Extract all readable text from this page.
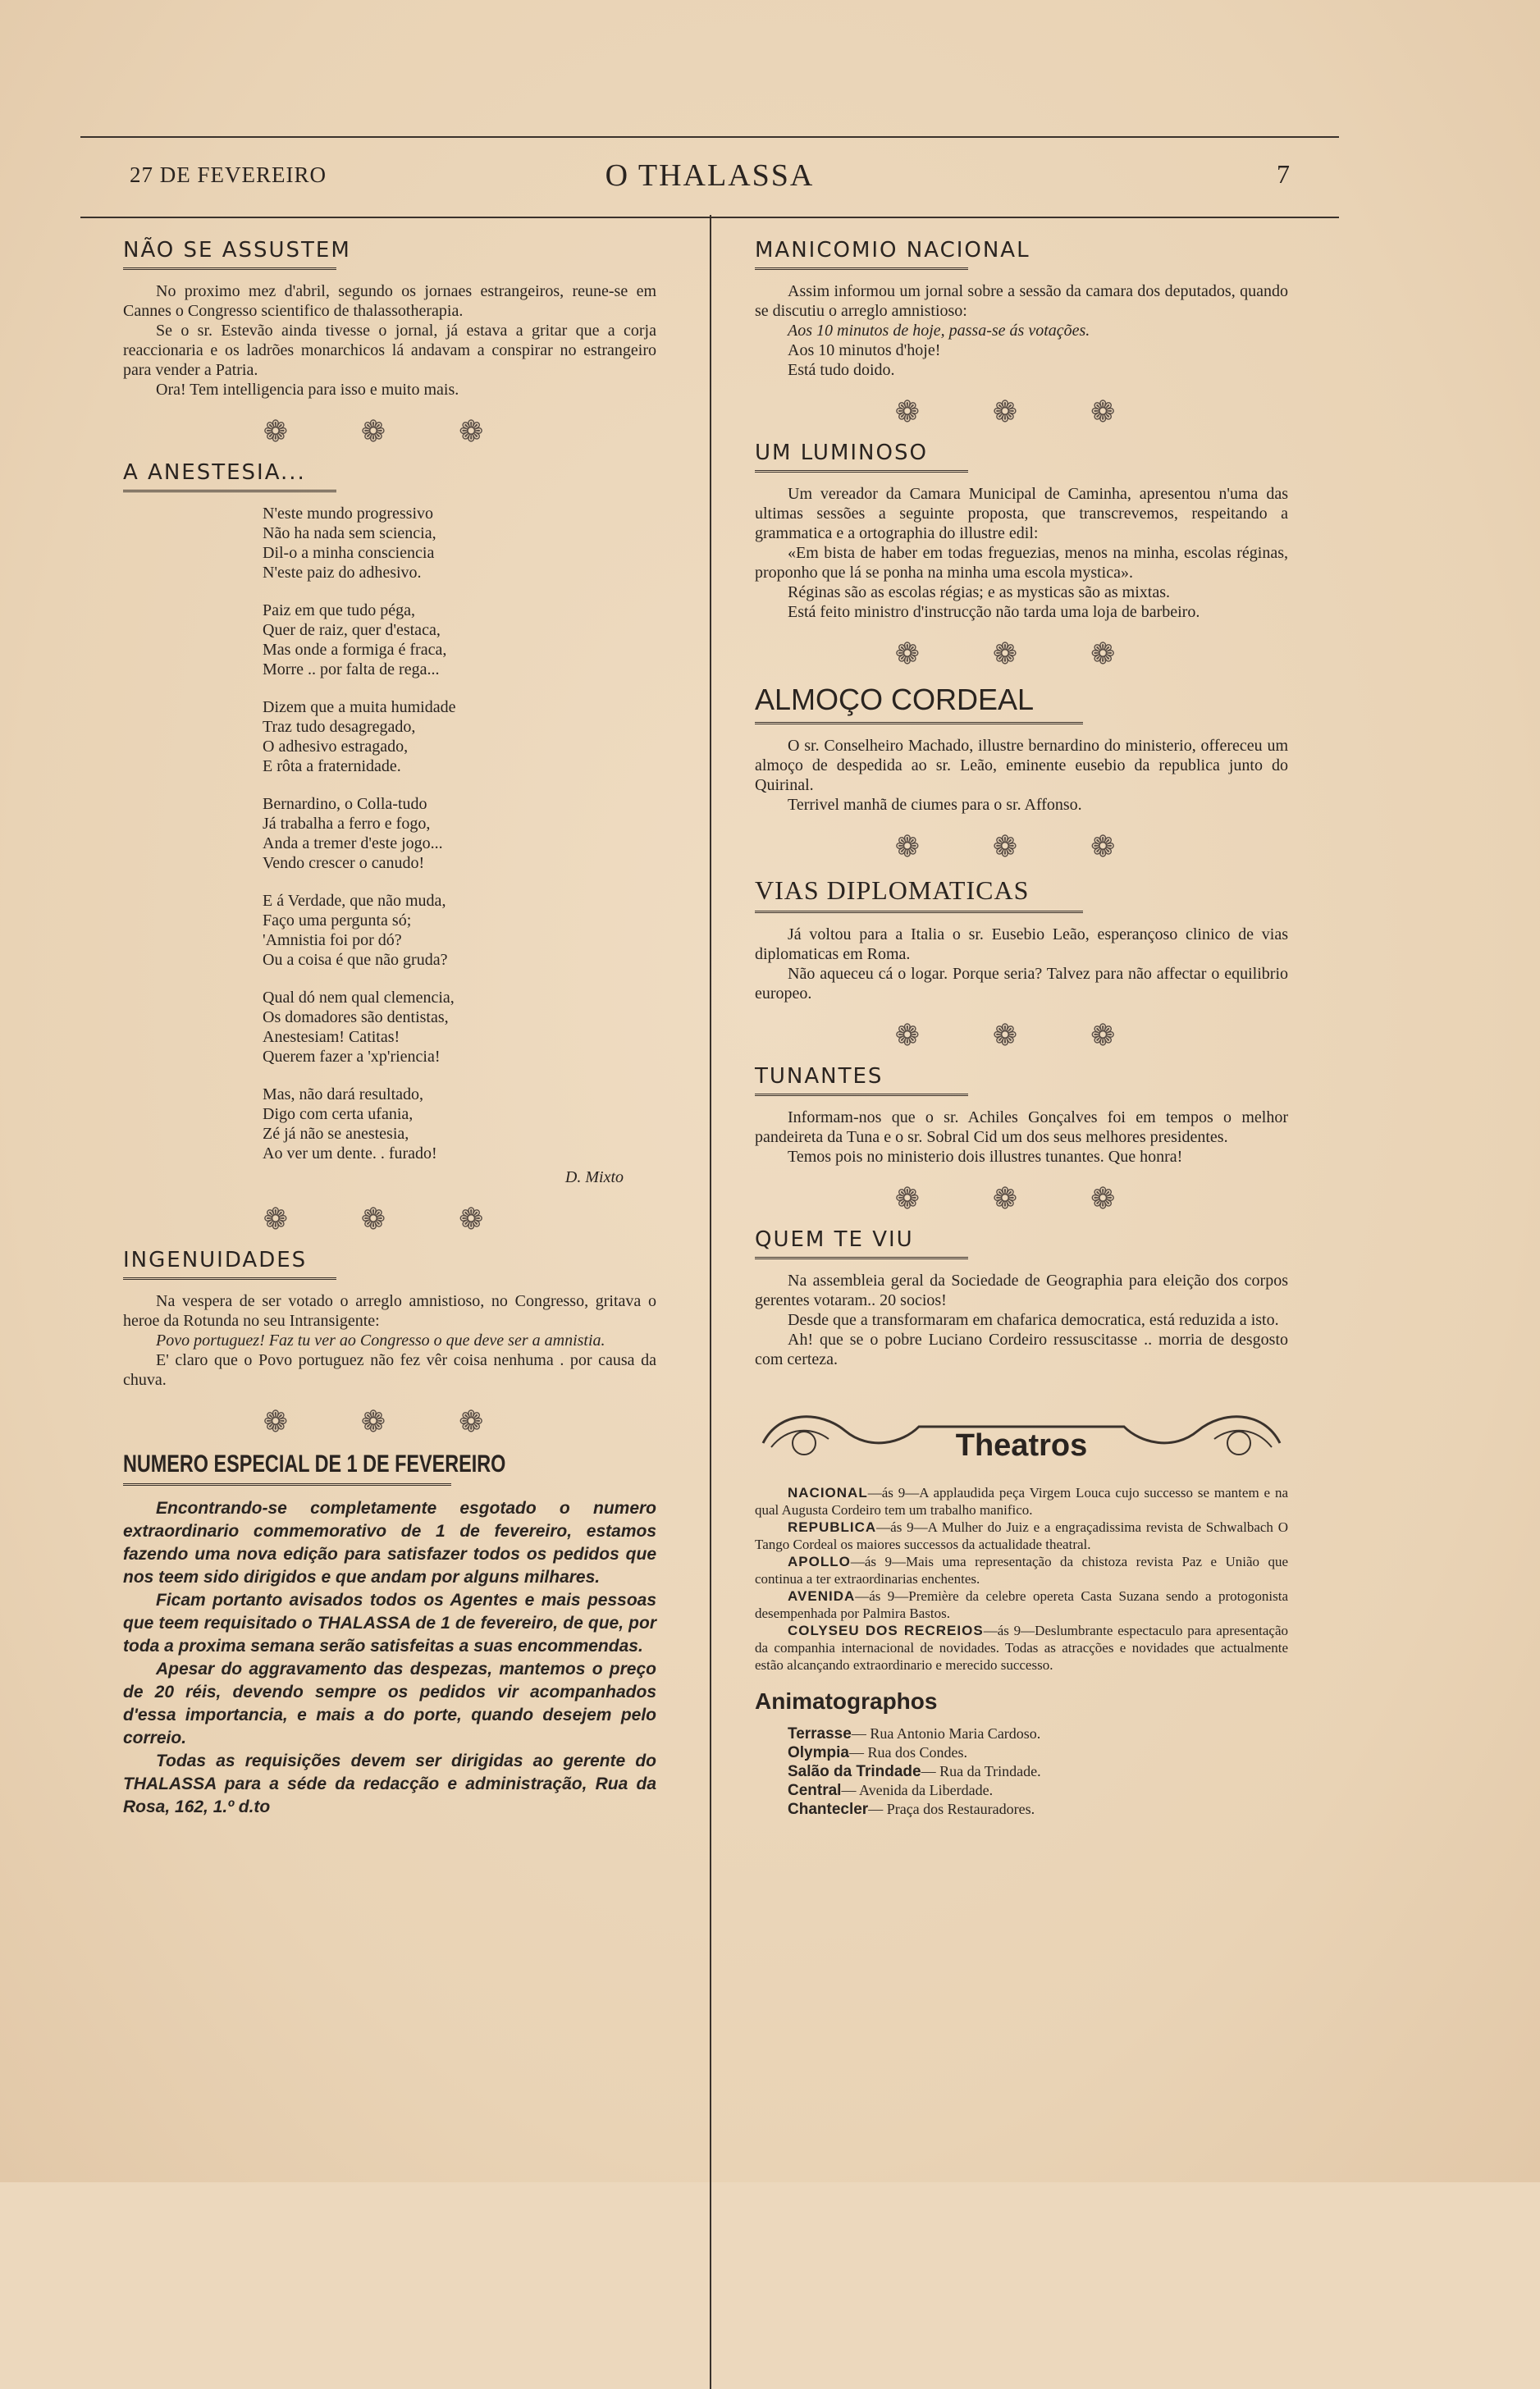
27 DE FEVEREIRO	O THALASSA	7
NÃO SE ASSUSTEM

No proximo mez d'abril, segundo os jornaes estrangeiros, reune-se em Cannes o Congresso scientifico de thalassotherapia.

Se o sr. Estevão ainda tivesse o jornal, já estava a gritar que a corja reaccionaria e os ladrões monarchicos lá andavam a conspirar no estrangeiro para vender a Patria.

Ora! Tem intelligencia para isso e muito mais.

❁ ❁ ❁
A ANESTESIA...
N'este mundo progressivo
Não ha nada sem sciencia,
Dil-o a minha consciencia
N'este paiz do adhesivo.
Paiz em que tudo péga,
Quer de raiz, quer d'estaca,
Mas onde a formiga é fraca,
Morre .. por falta de rega...
Dizem que a muita humidade
Traz tudo desagregado,
O adhesivo estragado,
E rôta a fraternidade.
Bernardino, o Colla-tudo
Já trabalha a ferro e fogo,
Anda a tremer d'este jogo...
Vendo crescer o canudo!
E á Verdade, que não muda,
Faço uma pergunta só;
'Amnistia foi por dó?
Ou a coisa é que não gruda?
Qual dó nem qual clemencia,
Os domadores são dentistas,
Anestesiam! Catitas!
Querem fazer a 'xp'riencia!
Mas, não dará resultado,
Digo com certa ufania,
Zé já não se anestesia,
Ao ver um dente. . furado!
D. Mixto
❁ ❁ ❁
INGENUIDADES

Na vespera de ser votado o arreglo amnistioso, no Congresso, gritava o heroe da Rotunda no seu Intransigente:

Povo portuguez! Faz tu ver ao Congresso o que deve ser a amnistia.

E' claro que o Povo portuguez não fez vêr coisa nenhuma . por causa da chuva.

❁ ❁ ❁
NUMERO ESPECIAL DE 1 DE FEVEREIRO

Encontrando-se completamente esgotado o numero extraordinario commemorativo de 1 de fevereiro, estamos fazendo uma nova edição para satisfazer todos os pedidos que nos teem sido dirigidos e que andam por alguns milhares.

Ficam portanto avisados todos os Agentes e mais pessoas que teem requisitado o THALASSA de 1 de fevereiro, de que, por toda a proxima semana serão satisfeitas a suas encommendas.

Apesar do aggravamento das despezas, mantemos o preço de 20 réis, devendo sempre os pedidos vir acompanhados d'essa importancia, e mais a do porte, quando desejem pelo correio.

Todas as requisições devem ser dirigidas ao gerente do THALASSA para a séde da redacção e administração, Rua da Rosa, 162, 1.º d.to

MANICOMIO NACIONAL

Assim informou um jornal sobre a sessão da camara dos deputados, quando se discutiu o arreglo amnistioso:

Aos 10 minutos de hoje, passa-se ás votações.

Aos 10 minutos d'hoje!

Está tudo doido.

❁ ❁ ❁
UM LUMINOSO

Um vereador da Camara Municipal de Caminha, apresentou n'uma das ultimas sessões a seguinte proposta, que transcrevemos, respeitando a grammatica e a ortographia do illustre edil:

«Em bista de haber em todas freguezias, menos na minha, escolas réginas, proponho que lá se ponha na minha uma escola mystica».

Réginas são as escolas régias; e as mysticas são as mixtas.

Está feito ministro d'instrucção não tarda uma loja de barbeiro.

❁ ❁ ❁
ALMOÇO CORDEAL

O sr. Conselheiro Machado, illustre bernardino do ministerio, offereceu um almoço de despedida ao sr. Leão, eminente eusebio da republica junto do Quirinal.

Terrivel manhã de ciumes para o sr. Affonso.

❁ ❁ ❁
VIAS DIPLOMATICAS

Já voltou para a Italia o sr. Eusebio Leão, esperançoso clinico de vias diplomaticas em Roma.

Não aqueceu cá o logar. Porque seria? Talvez para não affectar o equilibrio europeo.

❁ ❁ ❁
TUNANTES

Informam-nos que o sr. Achiles Gonçalves foi em tempos o melhor pandeireta da Tuna e o sr. Sobral Cid um dos seus melhores presidentes.

Temos pois no ministerio dois illustres tunantes. Que honra!

❁ ❁ ❁
QUEM TE VIU

Na assembleia geral da Sociedade de Geographia para eleição dos corpos gerentes votaram.. 20 socios!

Desde que a transformaram em chafarica democratica, está reduzida a isto.

Ah! que se o pobre Luciano Cordeiro ressuscitasse .. morria de desgosto com certeza.

Theatros

NACIONAL—ás 9—A applaudida peça Virgem Louca cujo successo se mantem e na qual Augusta Cordeiro tem um trabalho manifico.

REPUBLICA—ás 9—A Mulher do Juiz e a engraçadissima revista de Schwalbach O Tango Cordeal os maiores successos da actualidade theatral.

APOLLO—ás 9—Mais uma representação da chistoza revista Paz e União que continua a ter extraordinarias enchentes.

AVENIDA—ás 9—Première da celebre opereta Casta Suzana sendo a protogonista desempenhada por Palmira Bastos.

COLYSEU DOS RECREIOS—ás 9—Deslumbrante espectaculo para apresentação da companhia internacional de novidades. Todas as atracções e novidades que actualmente estão alcançando extraordinario e merecido successo.

Animatographos
Terrasse— Rua Antonio Maria Cardoso.
Olympia— Rua dos Condes.
Salão da Trindade— Rua da Trindade.
Central— Avenida da Liberdade.
Chantecler— Praça dos Restauradores.
